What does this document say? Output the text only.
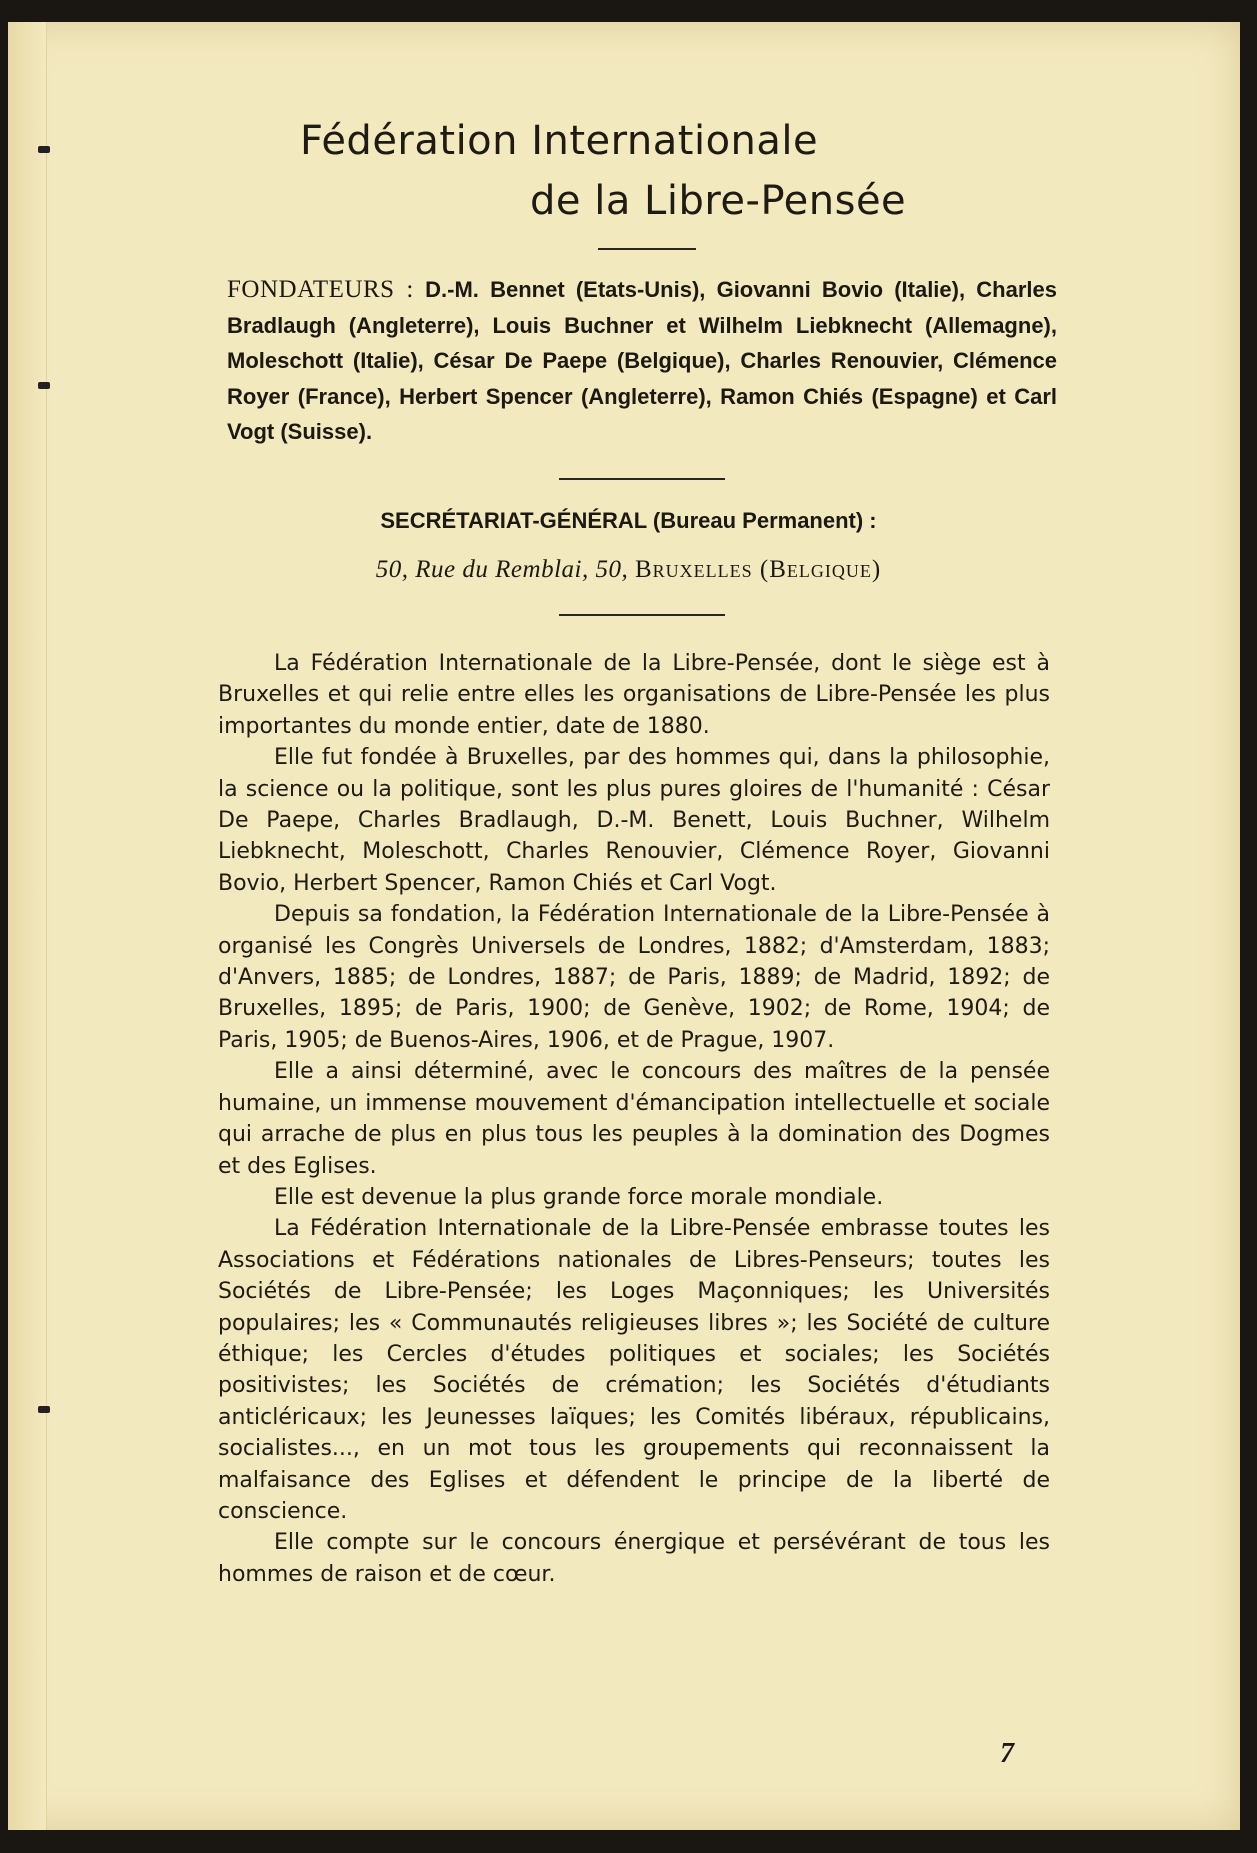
Fédération Internationale
de la Libre-Pensée
FONDATEURS : D.-M. Bennet (Etats-Unis), Giovanni Bovio (Italie), Charles Bradlaugh (Angleterre), Louis Buchner et Wilhelm Liebknecht (Allemagne), Moleschott (Italie), César De Paepe (Belgique), Charles Renouvier, Clémence Royer (France), Herbert Spencer (Angleterre), Ramon Chiés (Espagne) et Carl Vogt (Suisse).
SECRÉTARIAT-GÉNÉRAL (Bureau Permanent) :
50, Rue du Remblai, 50, Bruxelles (Belgique)

La Fédération Internationale de la Libre-Pensée, dont le siège est à Bruxelles et qui relie entre elles les organisations de Libre-Pensée les plus importantes du monde entier, date de 1880.

Elle fut fondée à Bruxelles, par des hommes qui, dans la philosophie, la science ou la politique, sont les plus pures gloires de l'humanité : César De Paepe, Charles Bradlaugh, D.-M. Benett, Louis Buchner, Wilhelm Liebknecht, Moleschott, Charles Renouvier, Clémence Royer, Giovanni Bovio, Herbert Spencer, Ramon Chiés et Carl Vogt.

Depuis sa fondation, la Fédération Internationale de la Libre-Pensée à organisé les Congrès Universels de Londres, 1882; d'Amsterdam, 1883; d'Anvers, 1885; de Londres, 1887; de Paris, 1889; de Madrid, 1892; de Bruxelles, 1895; de Paris, 1900; de Genève, 1902; de Rome, 1904; de Paris, 1905; de Buenos-Aires, 1906, et de Prague, 1907.

Elle a ainsi déterminé, avec le concours des maîtres de la pensée humaine, un immense mouvement d'émancipation intellectuelle et sociale qui arrache de plus en plus tous les peuples à la domination des Dogmes et des Eglises.

Elle est devenue la plus grande force morale mondiale.

La Fédération Internationale de la Libre-Pensée embrasse toutes les Associations et Fédérations nationales de Libres-Penseurs; toutes les Sociétés de Libre-Pensée; les Loges Maçonniques; les Universités populaires; les « Communautés religieuses libres »; les Société de culture éthique; les Cercles d'études politiques et sociales; les Sociétés positivistes; les Sociétés de crémation; les Sociétés d'étudiants anticléricaux; les Jeunesses laïques; les Comités libéraux, républicains, socialistes..., en un mot tous les groupements qui reconnaissent la malfaisance des Eglises et défendent le principe de la liberté de conscience.

Elle compte sur le concours énergique et persévérant de tous les hommes de raison et de cœur.

7
